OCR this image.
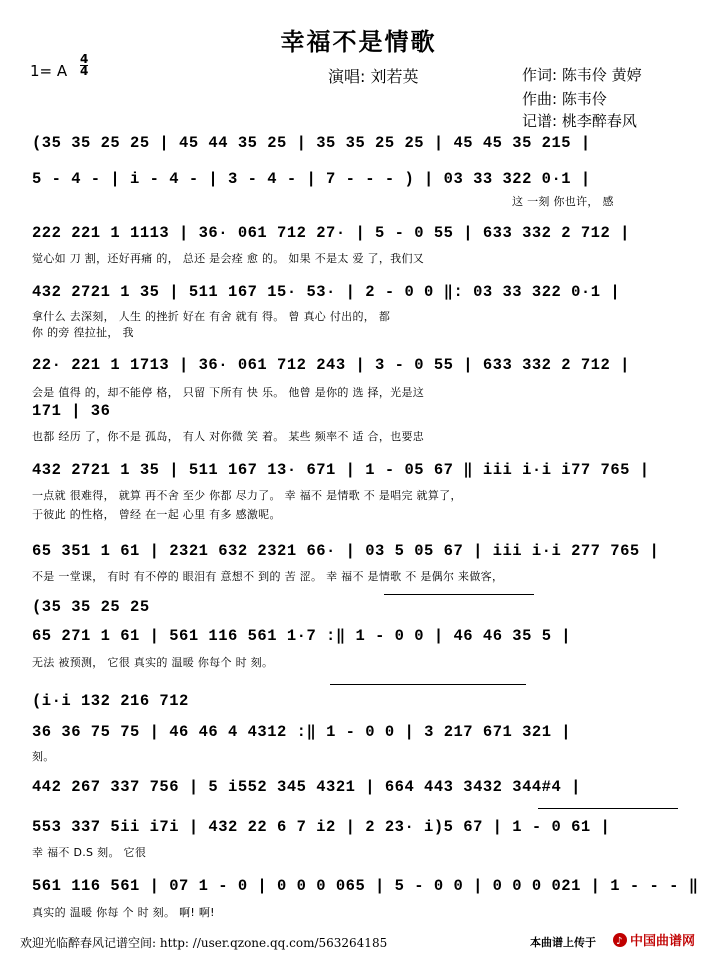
幸福不是情歌
1= A
4
4	演唱: 刘若英	作词: 陈韦伶 黄婷
作曲: 陈韦伶
记谱: 桃李醉春风
(35 35 25 25 | 45 44 35 25 | 35 35 25 25 | 45 45 35 215 |
5 - 4 - | i - 4 - | 3 - 4 - | 7 - - - ) | 03 33 322 0·1 |
这 一刻 你也许， 感
222 221 1 1113 | 36· 061 712 27· | 5 - 0 55 | 633 332 2 712 |
觉心如 刀 割，还好再痛 的， 总还 是会痊 愈 的。 如果 不是太 爱 了，我们又
432 2721 1 35 | 511 167 15· 53· | 2 - 0 0 ‖: 03 33 322 0·1 |
拿什么 去深刻， 人生 的挫折 好在 有舍 就有 得。 曾 真心 付出的， 都
你 的旁 徨拉扯， 我
22· 221 1 1713 | 36· 061 712 243 | 3 - 0 55 | 633 332 2 712 |
会是 值得 的，却不能停 格， 只留 下所有 快 乐。 他曾 是你的 选 择，光是这
171 | 36
也都 经历 了，你不是 孤岛， 有人 对你微 笑 着。 某些 频率不 适 合，也要忠
432 2721 1 35 | 511 167 13· 671 | 1 - 05 67 ‖ iii i·i i77 765 |
一点就 很难得， 就算 再不舍 至少 你都 尽力了。 幸 福不 是情歌 不 是唱完 就算了，
于彼此 的性格， 曾经 在一起 心里 有多 感激呢。
65 351 1 61 | 2321 632 2321 66· | 03 5 05 67 | iii i·i 277 765 |
不是 一堂课， 有时 有不停的 眼泪有 意想不 到的 苦 涩。 幸 福不 是情歌 不 是偶尔 来做客，
(35 35 25 25
65 271 1 61 | 561 116 561 1·7 :‖ 1 - 0 0 | 46 46 35 5 |
无法 被预测， 它很 真实的 温暖 你每个 时 刻。
(i·i 132 216 712
36 36 75 75 | 46 46 4 4312 :‖ 1 - 0 0 | 3 217 671 321 |
刻。
442 267 337 756 | 5 i552 345 4321 | 664 443 3432 344#4 |
553 337 5ii i7i | 432 22 6 7 i2 | 2 23· i)5 67 | 1 - 0 61 |
幸 福不 D.S 刻。 它很
561 116 561 | 07 1 - 0 | 0 0 0 065 | 5 - 0 0 | 0 0 0 021 | 1 - - - ‖
真实的 温暖 你每 个 时 刻。 啊! 啊!
欢迎光临醉春风记谱空间: http: //user.qzone.qq.com/563264185	本曲谱上传于 ♪ 中国曲谱网
